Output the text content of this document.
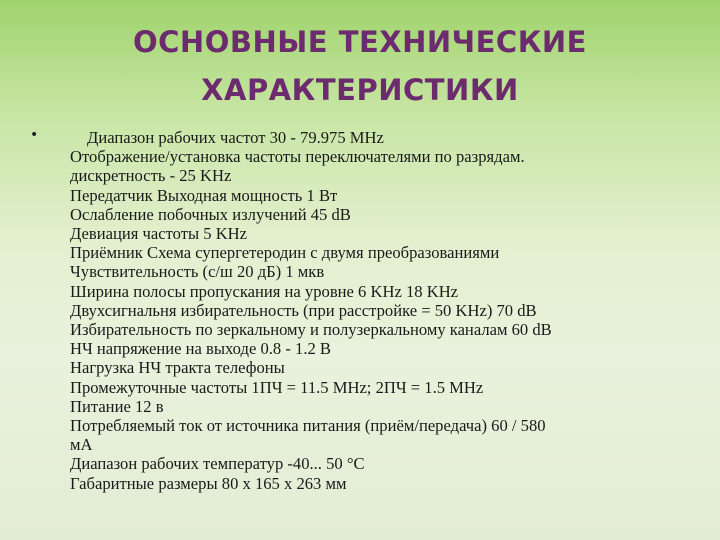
ОСНОВНЫЕ ТЕХНИЧЕСКИЕ
ХАРАКТЕРИСТИКИ
•	Диапазон рабочих частот 30 - 79.975 MHz
Отображение/установка частоты переключателями по разрядам.
дискретность - 25 KHz
Передатчик Выходная мощность 1 Вт
Ослабление побочных излучений 45 dB
Девиация частоты 5 KHz
Приёмник Схема супергетеродин с двумя преобразованиями
Чувствительность (с/ш 20 дБ) 1 мкв
Ширина полосы пропускания на уровне 6 KHz 18 KHz
Двухсигнальня избирательность (при расстройке = 50 KHz) 70 dB
Избирательность по зеркальному и полузеркальному каналам 60 dB
НЧ напряжение на выходе 0.8 - 1.2 В
Нагрузка НЧ тракта телефоны
Промежуточные частоты 1ПЧ = 11.5 MHz; 2ПЧ = 1.5 MHz
Питание 12 в
Потребляемый ток от источника питания (приём/передача) 60 / 580
мА
Диапазон рабочих температур -40... 50 °C
Габаритные размеры 80 x 165 x 263 мм
